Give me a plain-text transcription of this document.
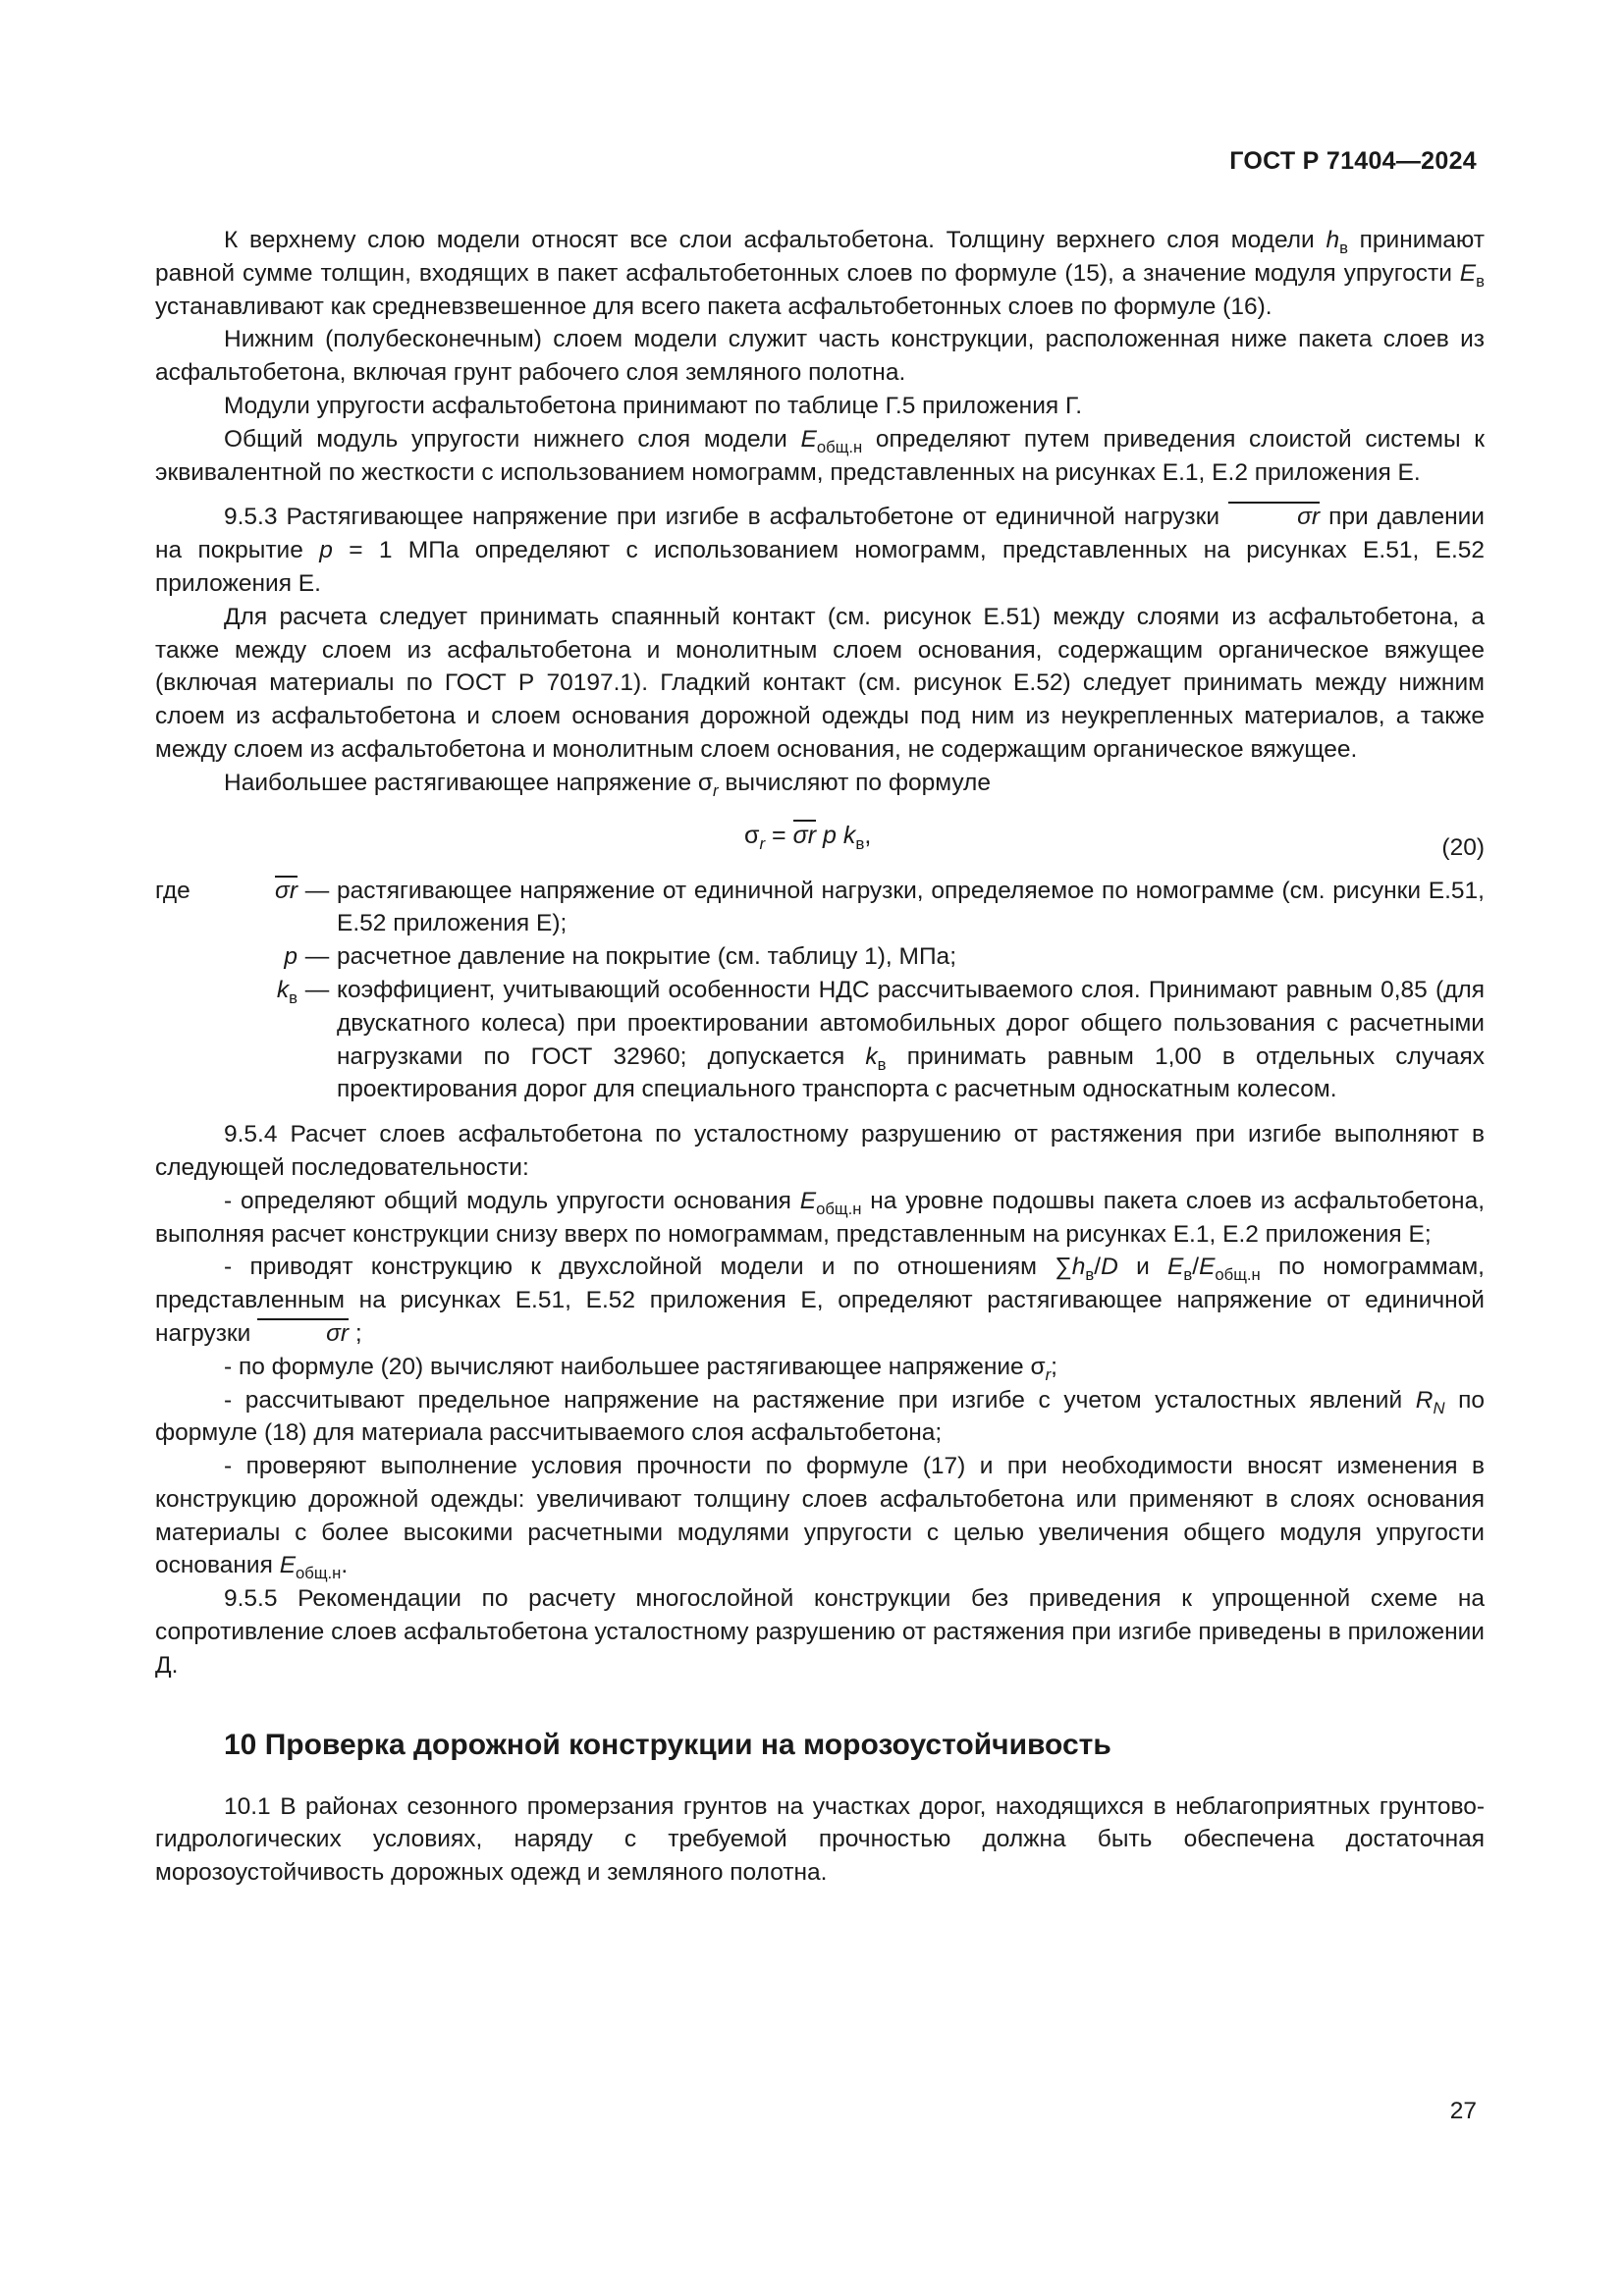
ГОСТ Р 71404—2024

К верхнему слою модели относят все слои асфальтобетона. Толщину верхнего слоя модели $h_в$ принимают равной сумме толщин, входящих в пакет асфальтобетонных слоев по формуле (15), а значение модуля упругости $E_в$ устанавливают как средневзвешенное для всего пакета асфальтобетонных слоев по формуле (16).

Нижним (полубесконечным) слоем модели служит часть конструкции, расположенная ниже пакета слоев из асфальтобетона, включая грунт рабочего слоя земляного полотна.

Модули упругости асфальтобетона принимают по таблице Г.5 приложения Г.

Общий модуль упругости нижнего слоя модели $E_{общ.н}$ определяют путем приведения слоистой системы к эквивалентной по жесткости с использованием номограмм, представленных на рисунках Е.1, Е.2 приложения Е.

9.5.3 Растягивающее напряжение при изгибе в асфальтобетоне от единичной нагрузки	σr при давлении на покрытие p = 1 МПа определяют с использованием номограмм, представленных на рисунках Е.51, Е.52 приложения Е.

Для расчета следует принимать спаянный контакт (см. рисунок Е.51) между слоями из асфальтобетона, а также между слоем из асфальтобетона и монолитным слоем основания, содержащим органическое вяжущее (включая материалы по ГОСТ Р 70197.1). Гладкий контакт (см. рисунок Е.52) следует принимать между нижним слоем из асфальтобетона и слоем основания дорожной одежды под ним из неукрепленных материалов, а также между слоем из асфальтобетона и монолитным слоем основания, не содержащим органическое вяжущее.

Наибольшее растягивающее напряжение $\sigma_r$ вычисляют по формуле

$\sigma_r = \sigma r$ p $k_в$,	(20)
где	σr — растягивающее напряжение от единичной нагрузки, определяемое по номограмме (см. рисунки Е.51, Е.52 приложения Е);
p — расчетное давление на покрытие (см. таблицу 1), МПа;
$k_в$ — коэффициент, учитывающий особенности НДС рассчитываемого слоя. Принимают равным 0,85 (для двускатного колеса) при проектировании автомобильных дорог общего пользования с расчетными нагрузками по ГОСТ 32960; допускается $k_в$ принимать равным 1,00 в отдельных случаях проектирования дорог для специального транспорта с расчетным односкатным колесом.

9.5.4 Расчет слоев асфальтобетона по усталостному разрушению от растяжения при изгибе выполняют в следующей последовательности:

- определяют общий модуль упругости основания $E_{общ.н}$ на уровне подошвы пакета слоев из асфальтобетона, выполняя расчет конструкции снизу вверх по номограммам, представленным на рисунках Е.1, Е.2 приложения Е;

- приводят конструкцию к двухслойной модели и по отношениям $\sum h_в/D$ и $E_в/E_{общ.н}$ по номограммам, представленным на рисунках Е.51, Е.52 приложения Е, определяют растягивающее напряжение от единичной нагрузки	σr ;

- по формуле (20) вычисляют наибольшее растягивающее напряжение $\sigma_r$;

- рассчитывают предельное напряжение на растяжение при изгибе с учетом усталостных явлений $R_N$ по формуле (18) для материала рассчитываемого слоя асфальтобетона;

- проверяют выполнение условия прочности по формуле (17) и при необходимости вносят изменения в конструкцию дорожной одежды: увеличивают толщину слоев асфальтобетона или применяют в слоях основания материалы с более высокими расчетными модулями упругости с целью увеличения общего модуля упругости основания $E_{общ.н}$.

9.5.5 Рекомендации по расчету многослойной конструкции без приведения к упрощенной схеме на сопротивление слоев асфальтобетона усталостному разрушению от растяжения при изгибе приведены в приложении Д.

10 Проверка дорожной конструкции на морозоустойчивость

10.1 В районах сезонного промерзания грунтов на участках дорог, находящихся в неблагоприятных грунтово-гидрологических условиях, наряду с требуемой прочностью должна быть обеспечена достаточная морозоустойчивость дорожных одежд и земляного полотна.

27
